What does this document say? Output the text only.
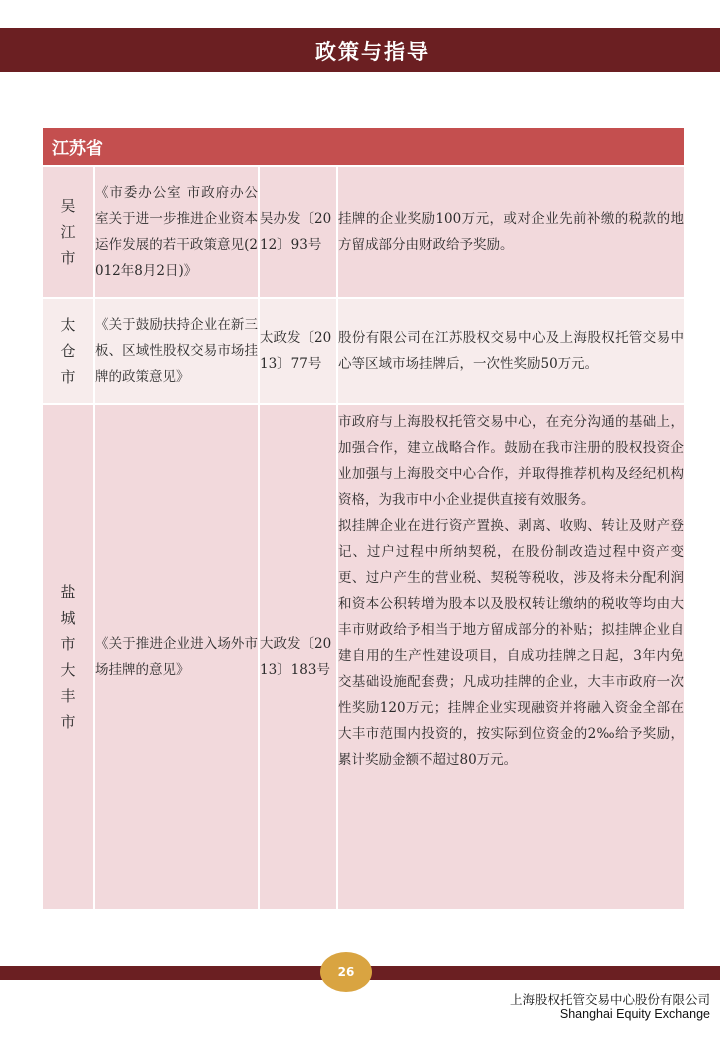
政策与指导
江苏省			
吴江市	《市委办公室 市政府办公室关于进一步推进企业资本运作发展的若干政策意见(2012年8月2日)》	吴办发〔2012〕93号	挂牌的企业奖励100万元，或对企业先前补缴的税款的地方留成部分由财政给予奖励。
太仓市	《关于鼓励扶持企业在新三板、区域性股权交易市场挂牌的政策意见》	太政发〔2013〕77号	股份有限公司在江苏股权交易中心及上海股权托管交易中心等区域市场挂牌后，一次性奖励50万元。
盐城市大丰市	《关于推进企业进入场外市场挂牌的意见》	大政发〔2013〕183号	市政府与上海股权托管交易中心，在充分沟通的基础上，加强合作，建立战略合作。鼓励在我市注册的股权投资企业加强与上海股交中心合作，并取得推荐机构及经纪机构资格，为我市中小企业提供直接有效服务。
拟挂牌企业在进行资产置换、剥离、收购、转让及财产登记、过户过程中所纳契税，在股份制改造过程中资产变更、过户产生的营业税、契税等税收，涉及将未分配利润和资本公积转增为股本以及股权转让缴纳的税收等均由大丰市财政给予相当于地方留成部分的补贴；拟挂牌企业自建自用的生产性建设项目，自成功挂牌之日起，3年内免交基础设施配套费；凡成功挂牌的企业，大丰市政府一次性奖励120万元；挂牌企业实现融资并将融入资金全部在大丰市范围内投资的，按实际到位资金的2‰给予奖励，累计奖励金额不超过80万元。
26
上海股权托管交易中心股份有限公司
Shanghai Equity Exchange
